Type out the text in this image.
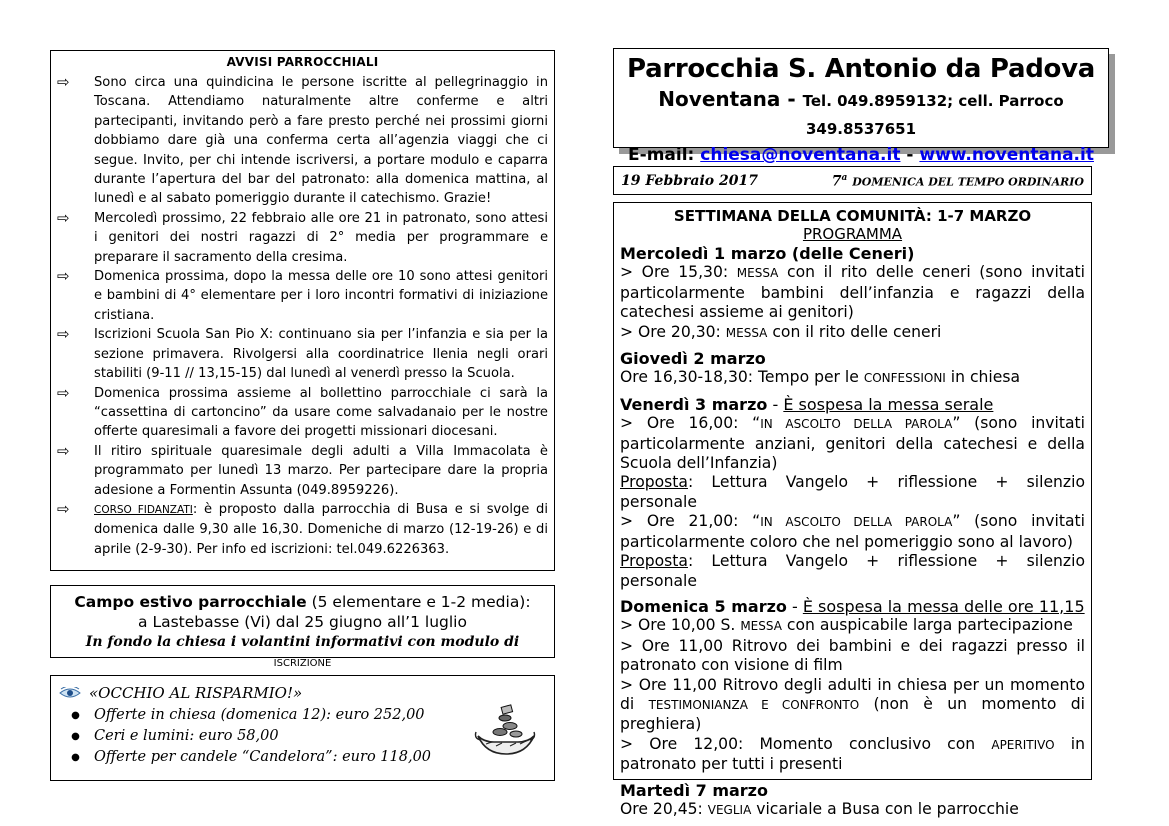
AVVISI PARROCCHIALI
⇨	Sono circa una quindicina le persone iscritte al pellegrinaggio in Toscana. Attendiamo naturalmente altre conferme e altri partecipanti, invitando però a fare presto perché nei prossimi giorni dobbiamo dare già una conferma certa all’agenzia viaggi che ci segue. Invito, per chi intende iscriversi, a portare modulo e caparra durante l’apertura del bar del patronato: alla domenica mattina, al lunedì e al sabato pomeriggio durante il catechismo. Grazie!
⇨	Mercoledì prossimo, 22 febbraio alle ore 21 in patronato, sono attesi i genitori dei nostri ragazzi di 2° media per programmare e preparare il sacramento della cresima.
⇨	Domenica prossima, dopo la messa delle ore 10 sono attesi genitori e bambini di 4° elementare per i loro incontri formativi di iniziazione cristiana.
⇨	Iscrizioni Scuola San Pio X: continuano sia per l’infanzia e sia per la sezione primavera. Rivolgersi alla coordinatrice Ilenia negli orari stabiliti (9-11 // 13,15-15) dal lunedì al venerdì presso la Scuola.
⇨	Domenica prossima assieme al bollettino parrocchiale ci sarà la “cassettina di cartoncino” da usare come salvadanaio per le nostre offerte quaresimali a favore dei progetti missionari diocesani.
⇨	Il ritiro spirituale quaresimale degli adulti a Villa Immacolata è programmato per lunedì 13 marzo. Per partecipare dare la propria adesione a Formentin Assunta (049.8959226).
⇨	CORSO FIDANZATI: è proposto dalla parrocchia di Busa e si svolge di domenica dalle 9,30 alle 16,30. Domeniche di marzo (12-19-26) e di aprile (2-9-30). Per info ed iscrizioni: tel.049.6226363.
Campo estivo parrocchiale (5 elementare e 1-2 media):
a Lastebasse (Vi) dal 25 giugno all’1 luglio
In fondo la chiesa i volantini informativi con modulo di ISCRIZIONE
«OCCHIO AL RISPARMIO!»
● Offerte in chiesa (domenica 12): euro 252,00
● Ceri e lumini: euro 58,00
● Offerte per candele “Candelora”: euro 118,00
Parrocchia S. Antonio da Padova
Noventana - Tel. 049.8959132; cell. Parroco 349.8537651
E-mail: chiesa@noventana.it - www.noventana.it
19 Febbraio 2017	7$^a$ DOMENICA DEL TEMPO ORDINARIO
SETTIMANA DELLA COMUNITÀ: 1-7 MARZO
PROGRAMMA
Mercoledì 1 marzo (delle Ceneri)
> Ore 15,30: MESSA con il rito delle ceneri (sono invitati particolarmente bambini dell’infanzia e ragazzi della catechesi assieme ai genitori)
> Ore 20,30: MESSA con il rito delle ceneri
Giovedì 2 marzo
Ore 16,30-18,30: Tempo per le CONFESSIONI in chiesa
Venerdì 3 marzo - È sospesa la messa serale
> Ore 16,00: “IN ASCOLTO DELLA PAROLA” (sono invitati particolarmente anziani, genitori della catechesi e della Scuola dell’Infanzia)
Proposta: Lettura Vangelo + riflessione + silenzio personale
> Ore 21,00: “IN ASCOLTO DELLA PAROLA” (sono invitati particolarmente coloro che nel pomeriggio sono al lavoro)
Proposta: Lettura Vangelo + riflessione + silenzio personale
Domenica 5 marzo - È sospesa la messa delle ore 11,15
> Ore 10,00 S. MESSA con auspicabile larga partecipazione
> Ore 11,00 Ritrovo dei bambini e dei ragazzi presso il patronato con visione di film
> Ore 11,00 Ritrovo degli adulti in chiesa per un momento di TESTIMONIANZA E CONFRONTO (non è un momento di preghiera)
> Ore 12,00: Momento conclusivo con APERITIVO in patronato per tutti i presenti
Martedì 7 marzo
Ore 20,45: VEGLIA vicariale a Busa con le parrocchie
